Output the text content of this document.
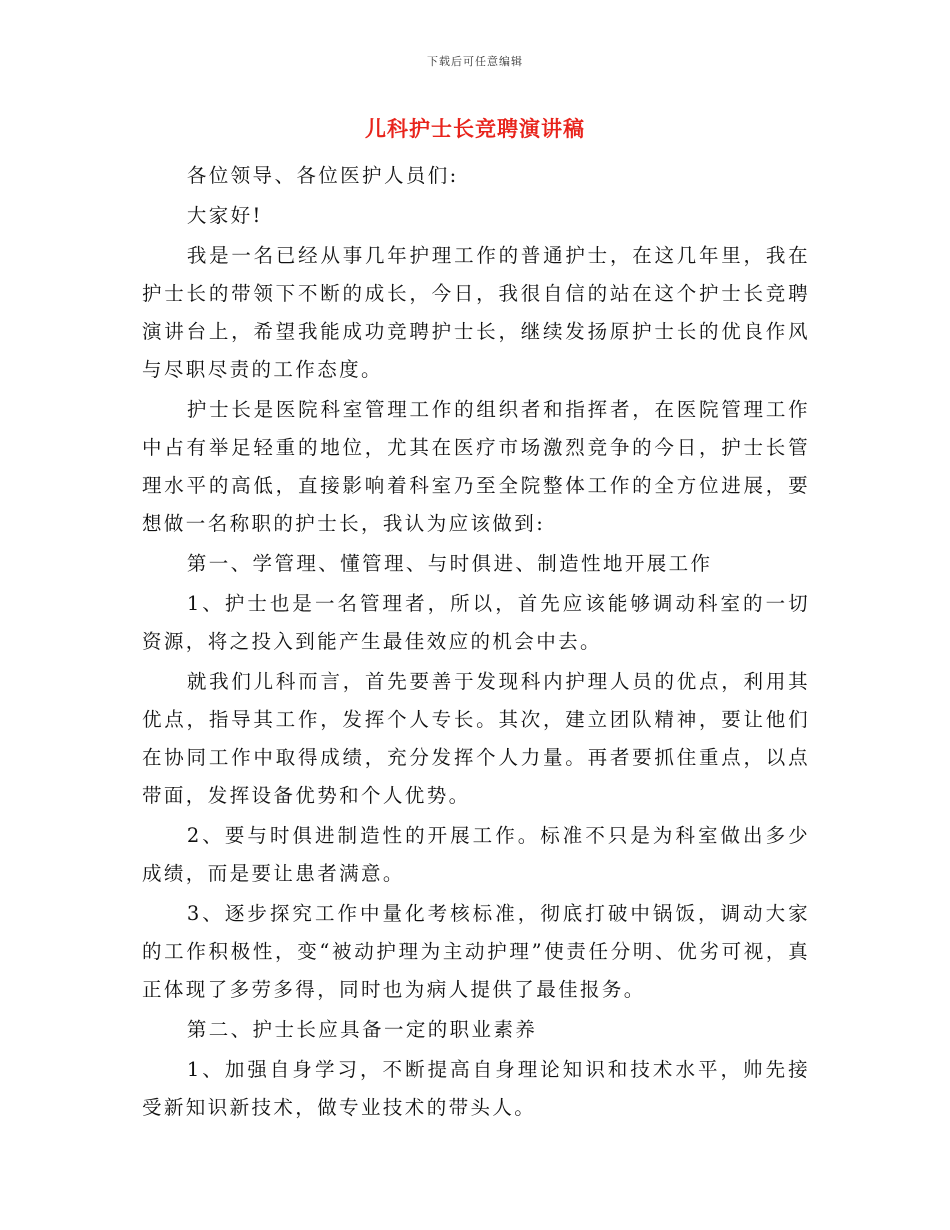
下载后可任意编辑
儿科护士长竞聘演讲稿

各位领导、各位医护人员们:

大家好!

我是一名已经从事几年护理工作的普通护士，在这几年里，我在护士长的带领下不断的成长，今日，我很自信的站在这个护士长竞聘演讲台上，希望我能成功竞聘护士长，继续发扬原护士长的优良作风与尽职尽责的工作态度。

护士长是医院科室管理工作的组织者和指挥者，在医院管理工作中占有举足轻重的地位，尤其在医疗市场激烈竞争的今日，护士长管理水平的高低，直接影响着科室乃至全院整体工作的全方位进展，要想做一名称职的护士长，我认为应该做到:

第一、学管理、懂管理、与时俱进、制造性地开展工作

1、护士也是一名管理者，所以，首先应该能够调动科室的一切资源，将之投入到能产生最佳效应的机会中去。

就我们儿科而言，首先要善于发现科内护理人员的优点，利用其优点，指导其工作，发挥个人专长。其次，建立团队精神，要让他们在协同工作中取得成绩，充分发挥个人力量。再者要抓住重点，以点带面，发挥设备优势和个人优势。

2、要与时俱进制造性的开展工作。标准不只是为科室做出多少成绩，而是要让患者满意。

3、逐步探究工作中量化考核标准，彻底打破中锅饭，调动大家的工作积极性，变“被动护理为主动护理”使责任分明、优劣可视，真正体现了多劳多得，同时也为病人提供了最佳报务。

第二、护士长应具备一定的职业素养

1、加强自身学习，不断提高自身理论知识和技术水平，帅先接受新知识新技术，做专业技术的带头人。
